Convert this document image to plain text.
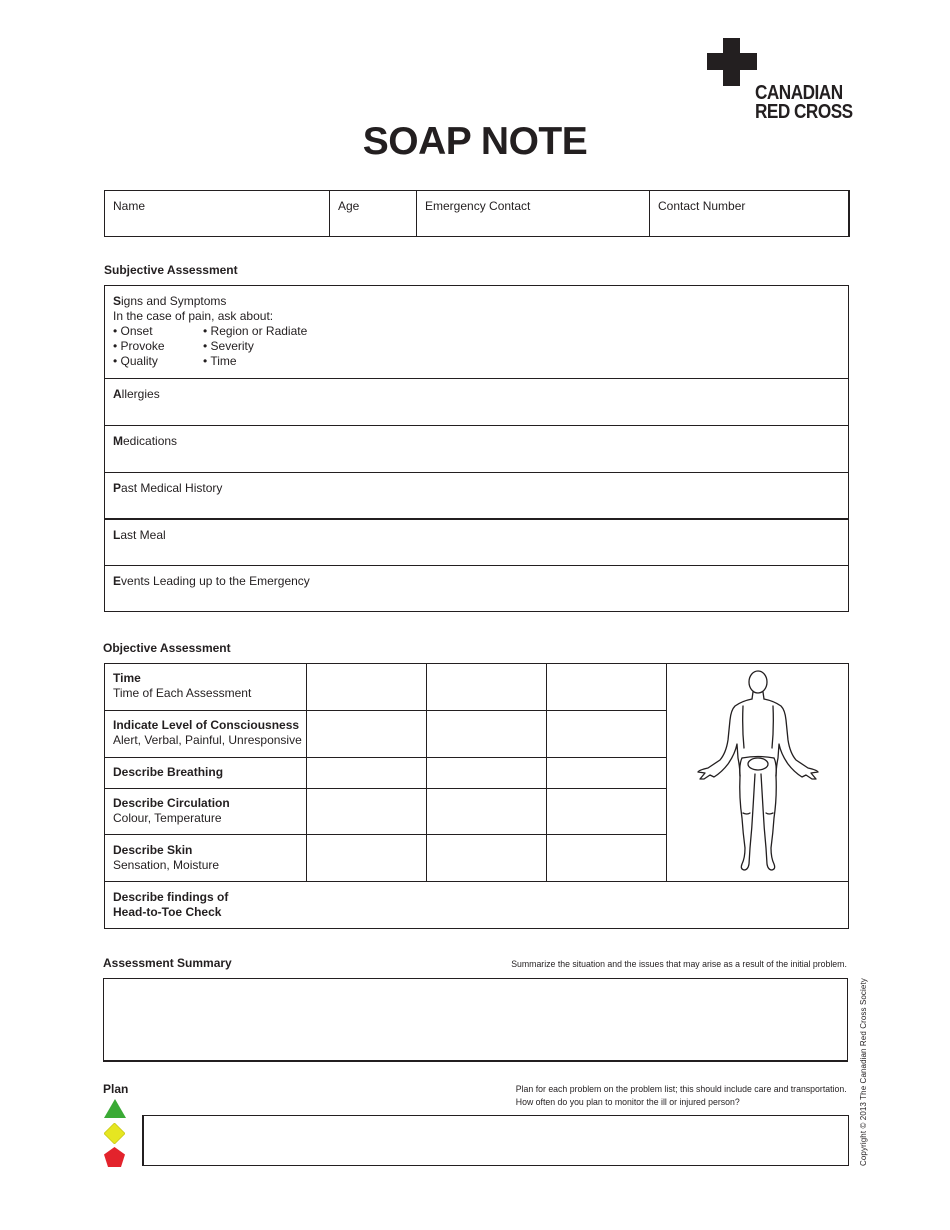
CANADIAN
RED CROSS
SOAP NOTE
Name	Age	Emergency Contact	Contact Number
Subjective Assessment
Signs and Symptoms
In the case of pain, ask about:
• Onset
• Provoke
• Quality
• Region or Radiate
• Severity
• Time
Allergies
Medications
Past Medical History
Last Meal
Events Leading up to the Emergency
Objective Assessment
Time
Time of Each Assessment
Indicate Level of Consciousness
Alert, Verbal, Painful, Unresponsive
Describe Breathing
Describe Circulation
Colour, Temperature
Describe Skin
Sensation, Moisture
Describe findings of
Head-to-Toe Check
Assessment Summary	Summarize the situation and the issues that may arise as a result of the initial problem.
Plan	Plan for each problem on the problem list; this should include care and transportation.
How often do you plan to monitor the ill or injured person?	Copyright © 2013 The Canadian Red Cross Society
